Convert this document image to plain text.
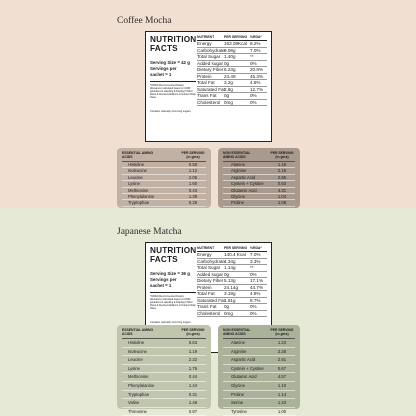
Coffee Mocha
NUTRITION
FACTS
Serving Size = 42 g
Servings per
sachet = 1
*%RDA (Recommended Dietary Allowance) calculated based on ICMR guidelines & Labelling & Display) FSSAI Rules & Revised Additions to Nutrient Daily Value
NUTRIENT	PER SERVING %RDA*
Energy	163.08Kcal 8.2%
Carbohydrate 9.08g	7.0%
Total Sugar 1.40g	**
Added sugar 0g	0%
Dietary Fiber 6.23g	20.8%
Protein	24.49	45.3%
Total Fat	3.2g	4.8%
Saturated Fat 2.8g	12.7%
Trans Fat	0g	0%
Cholesterol 0mg	0%
Contains naturally occurring sugars
ESSENTIAL AMINO ACIDS
PER SERVING (in gms)
Histidine	0.59
Isoleucine	1.12
Leucine	2.06
Lysine	1.60
Methionine	0.43
Phenylalanine	1.39
Tryptophan	0.29
NON ESSENTIAL AMINO ACIDS
PER SERVING (in gms)
Alanine	1.16
Arginine	2.15
Aspartic Acid	2.65
Cystein + Cystine	0.63
Glutamic Acid	4.31
Glycine	1.04
Proline	1.08
Japanese Matcha
NUTRITION
FACTS
Serving Size = 36 g
Servings per
sachet = 1
*%RDA (Recommended Dietary Allowance) calculated based on ICMR guidelines & Labelling & Display) FSSAI Rules & Revised Additions to Nutrient Daily Value
NUTRIENT	PER SERVING %RDA*
Energy	140.4 Kcal 7.0%
Carbohydrate 4.34g	3.3%
Total Sugar 1.14g	**
Added sugar 0g	0%
Dietary Fiber 5.13g	17.1%
Protein	24.14g	44.7%
Total Fat	3.19g	4.8%
Saturated Fat 1.91g	8.7%
Trans Fat	0g	0%
Cholesterol 0mg	0%
Contains naturally occurring sugars
ESSENTIAL AMINO ACIDS
PER SERVING (in gms)
Histidine	0.63
Isoleucine	1.19
Leucine	2.22
Lysine	1.76
Methionine	0.44
Phenylalanine	1.44
Tryptophan	0.31
Valine	1.48
Threonine	0.87
NON ESSENTIAL AMINO ACIDS
PER SERVING (in gms)
Alanine	1.23
Arginine	2.28
Aspartic Acid	2.81
Cystein + Cystine	0.67
Glutamic Acid	4.57
Glycine	1.10
Proline	1.14
Serine	1.23
Tyrosine	1.00
